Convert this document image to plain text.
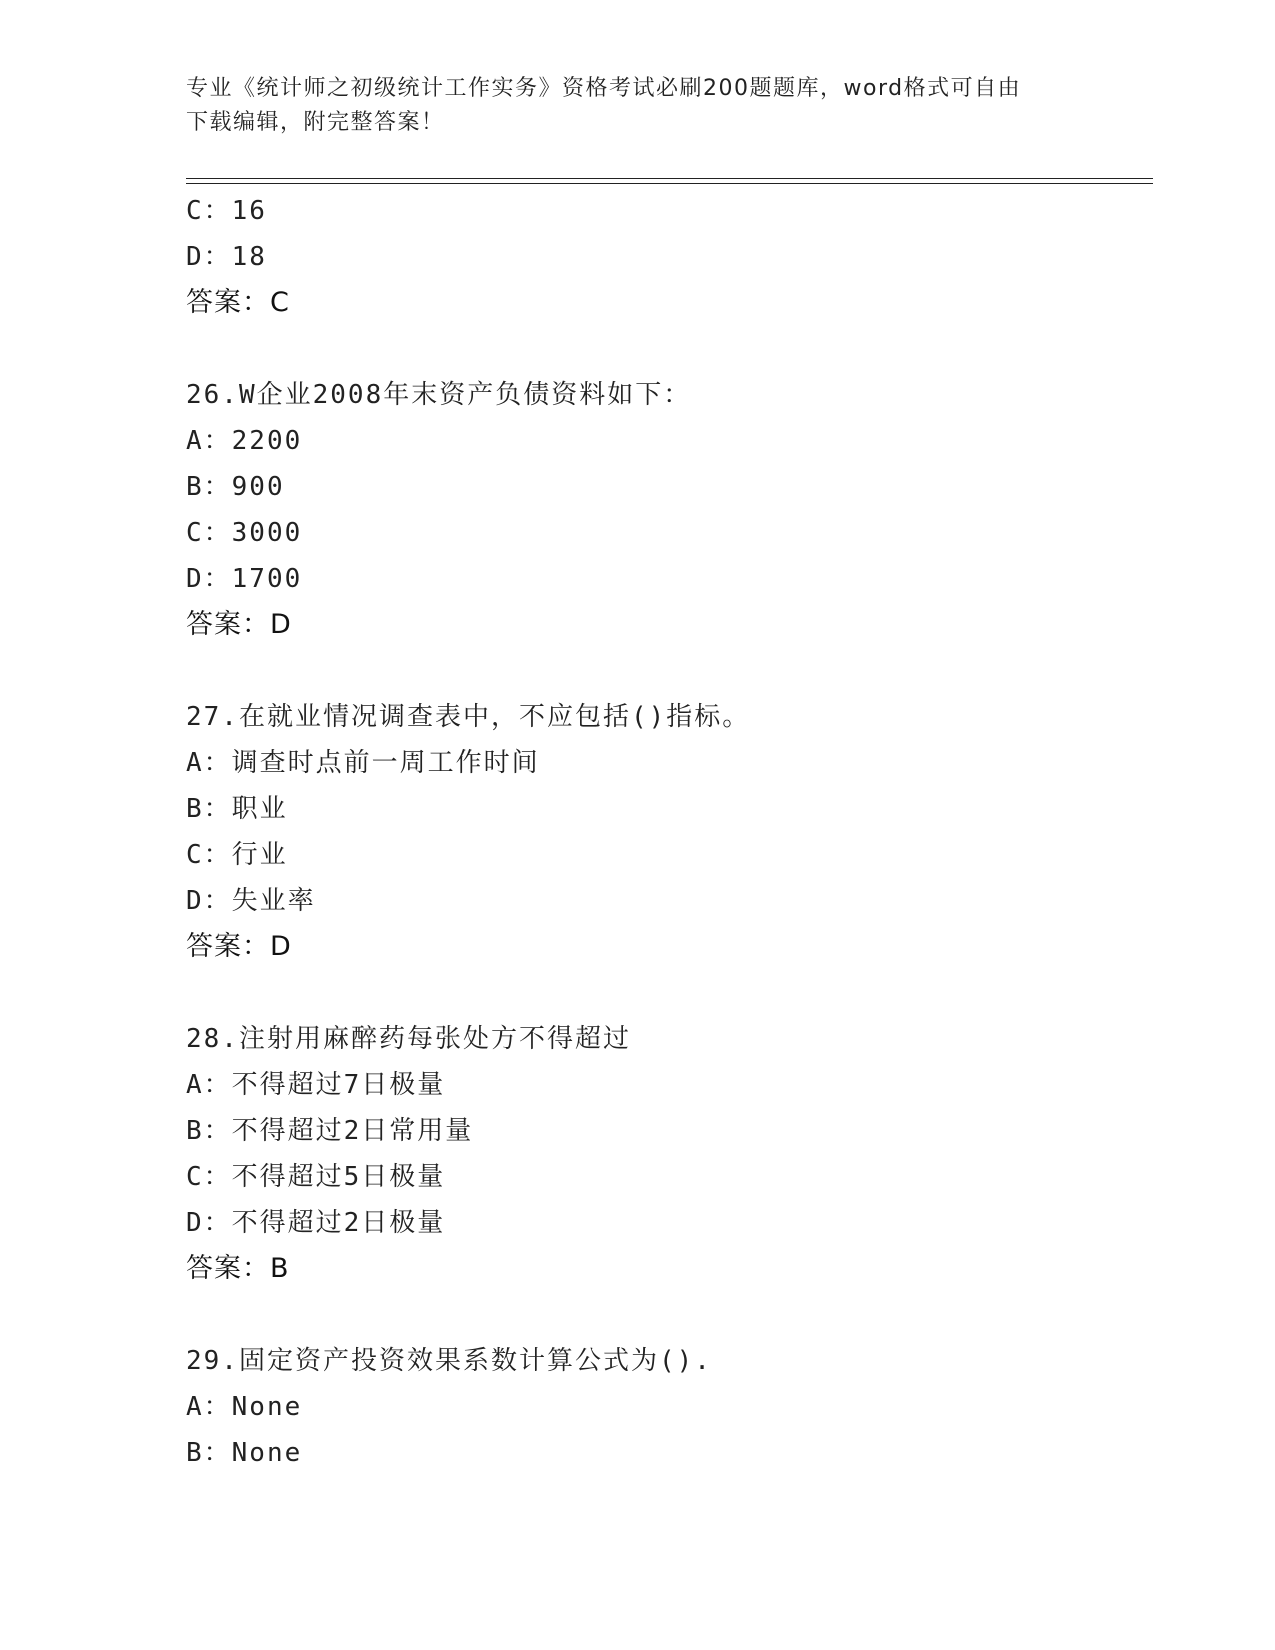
专业《统计师之初级统计工作实务》资格考试必刷200题题库，word格式可自由
下载编辑，附完整答案！
C：16
D：18
答案：C
26.W企业2008年末资产负债资料如下：
A：2200
B：900
C：3000
D：1700
答案：D
27.在就业情况调查表中，不应包括()指标。
A：调查时点前一周工作时间
B：职业
C：行业
D：失业率
答案：D
28.注射用麻醉药每张处方不得超过
A：不得超过7日极量
B：不得超过2日常用量
C：不得超过5日极量
D：不得超过2日极量
答案：B
29.固定资产投资效果系数计算公式为().
A：None
B：None
